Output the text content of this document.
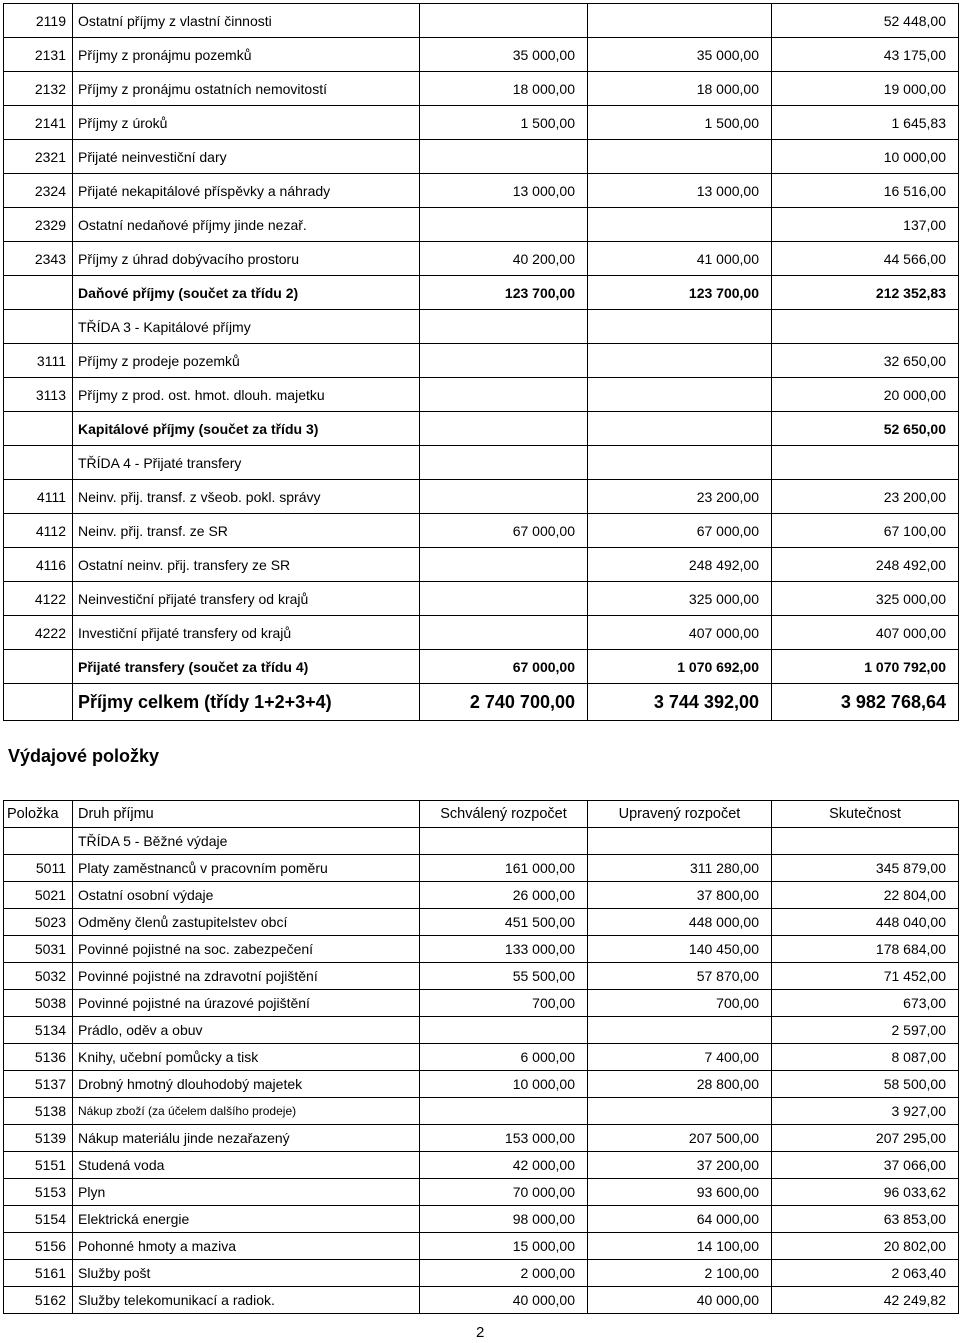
2119	Ostatní příjmy z vlastní činnosti			52 448,00
2131	Příjmy z pronájmu pozemků	35 000,00	35 000,00	43 175,00
2132	Příjmy z pronájmu ostatních nemovitostí	18 000,00	18 000,00	19 000,00
2141	Příjmy z úroků	1 500,00	1 500,00	1 645,83
2321	Přijaté neinvestiční dary			10 000,00
2324	Přijaté nekapitálové příspěvky a náhrady	13 000,00	13 000,00	16 516,00
2329	Ostatní nedaňové příjmy jinde nezař.			137,00
2343	Příjmy z úhrad dobývacího prostoru	40 200,00	41 000,00	44 566,00
	Daňové příjmy (součet za třídu 2)	123 700,00	123 700,00	212 352,83
	TŘÍDA 3 - Kapitálové příjmy			
3111	Příjmy z prodeje pozemků			32 650,00
3113	Příjmy z prod. ost. hmot. dlouh. majetku			20 000,00
	Kapitálové příjmy (součet za třídu 3)			52 650,00
	TŘÍDA 4 - Přijaté transfery			
4111	Neinv. přij. transf. z všeob. pokl. správy		23 200,00	23 200,00
4112	Neinv. přij. transf. ze SR	67 000,00	67 000,00	67 100,00
4116	Ostatní neinv. přij. transfery ze SR		248 492,00	248 492,00
4122	Neinvestiční přijaté transfery od krajů		325 000,00	325 000,00
4222	Investiční přijaté transfery od krajů		407 000,00	407 000,00
	Přijaté transfery (součet za třídu 4)	67 000,00	1 070 692,00	1 070 792,00
	Příjmy celkem (třídy 1+2+3+4)	2 740 700,00	3 744 392,00	3 982 768,64
Výdajové položky
Položka	Druh příjmu	Schválený rozpočet	Upravený rozpočet	Skutečnost
	TŘÍDA 5 - Běžné výdaje			
5011	Platy zaměstnanců v pracovním poměru	161 000,00	311 280,00	345 879,00
5021	Ostatní osobní výdaje	26 000,00	37 800,00	22 804,00
5023	Odměny členů zastupitelstev obcí	451 500,00	448 000,00	448 040,00
5031	Povinné pojistné na soc. zabezpečení	133 000,00	140 450,00	178 684,00
5032	Povinné pojistné na zdravotní pojištění	55 500,00	57 870,00	71 452,00
5038	Povinné pojistné na úrazové pojištění	700,00	700,00	673,00
5134	Prádlo, oděv a obuv			2 597,00
5136	Knihy, učební pomůcky a tisk	6 000,00	7 400,00	8 087,00
5137	Drobný hmotný dlouhodobý majetek	10 000,00	28 800,00	58 500,00
5138	Nákup zboží (za účelem dalšího prodeje)			3 927,00
5139	Nákup materiálu jinde nezařazený	153 000,00	207 500,00	207 295,00
5151	Studená voda	42 000,00	37 200,00	37 066,00
5153	Plyn	70 000,00	93 600,00	96 033,62
5154	Elektrická energie	98 000,00	64 000,00	63 853,00
5156	Pohonné hmoty a maziva	15 000,00	14 100,00	20 802,00
5161	Služby pošt	2 000,00	2 100,00	2 063,40
5162	Služby telekomunikací a radiok.	40 000,00	40 000,00	42 249,82
2
